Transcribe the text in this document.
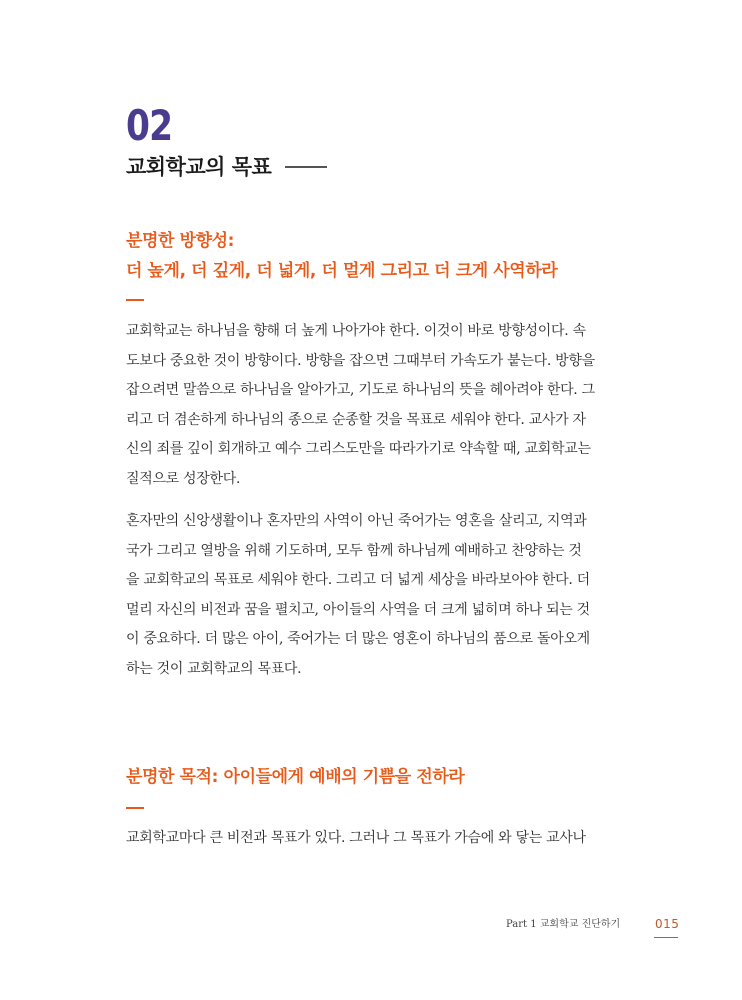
02
교회학교의 목표
분명한 방향성:
더 높게, 더 깊게, 더 넓게, 더 멀게 그리고 더 크게 사역하라
교회학교는 하나님을 향해 더 높게 나아가야 한다. 이것이 바로 방향성이다. 속
도보다 중요한 것이 방향이다. 방향을 잡으면 그때부터 가속도가 붙는다. 방향을
잡으려면 말씀으로 하나님을 알아가고, 기도로 하나님의 뜻을 헤아려야 한다. 그
리고 더 겸손하게 하나님의 종으로 순종할 것을 목표로 세워야 한다. 교사가 자
신의 죄를 깊이 회개하고 예수 그리스도만을 따라가기로 약속할 때, 교회학교는
질적으로 성장한다.
혼자만의 신앙생활이나 혼자만의 사역이 아닌 죽어가는 영혼을 살리고, 지역과
국가 그리고 열방을 위해 기도하며, 모두 함께 하나님께 예배하고 찬양하는 것
을 교회학교의 목표로 세워야 한다. 그리고 더 넓게 세상을 바라보아야 한다. 더
멀리 자신의 비전과 꿈을 펼치고, 아이들의 사역을 더 크게 넓히며 하나 되는 것
이 중요하다. 더 많은 아이, 죽어가는 더 많은 영혼이 하나님의 품으로 돌아오게
하는 것이 교회학교의 목표다.
분명한 목적: 아이들에게 예배의 기쁨을 전하라
교회학교마다 큰 비전과 목표가 있다. 그러나 그 목표가 가슴에 와 닿는 교사나
Part 1 교회학교 진단하기	015
